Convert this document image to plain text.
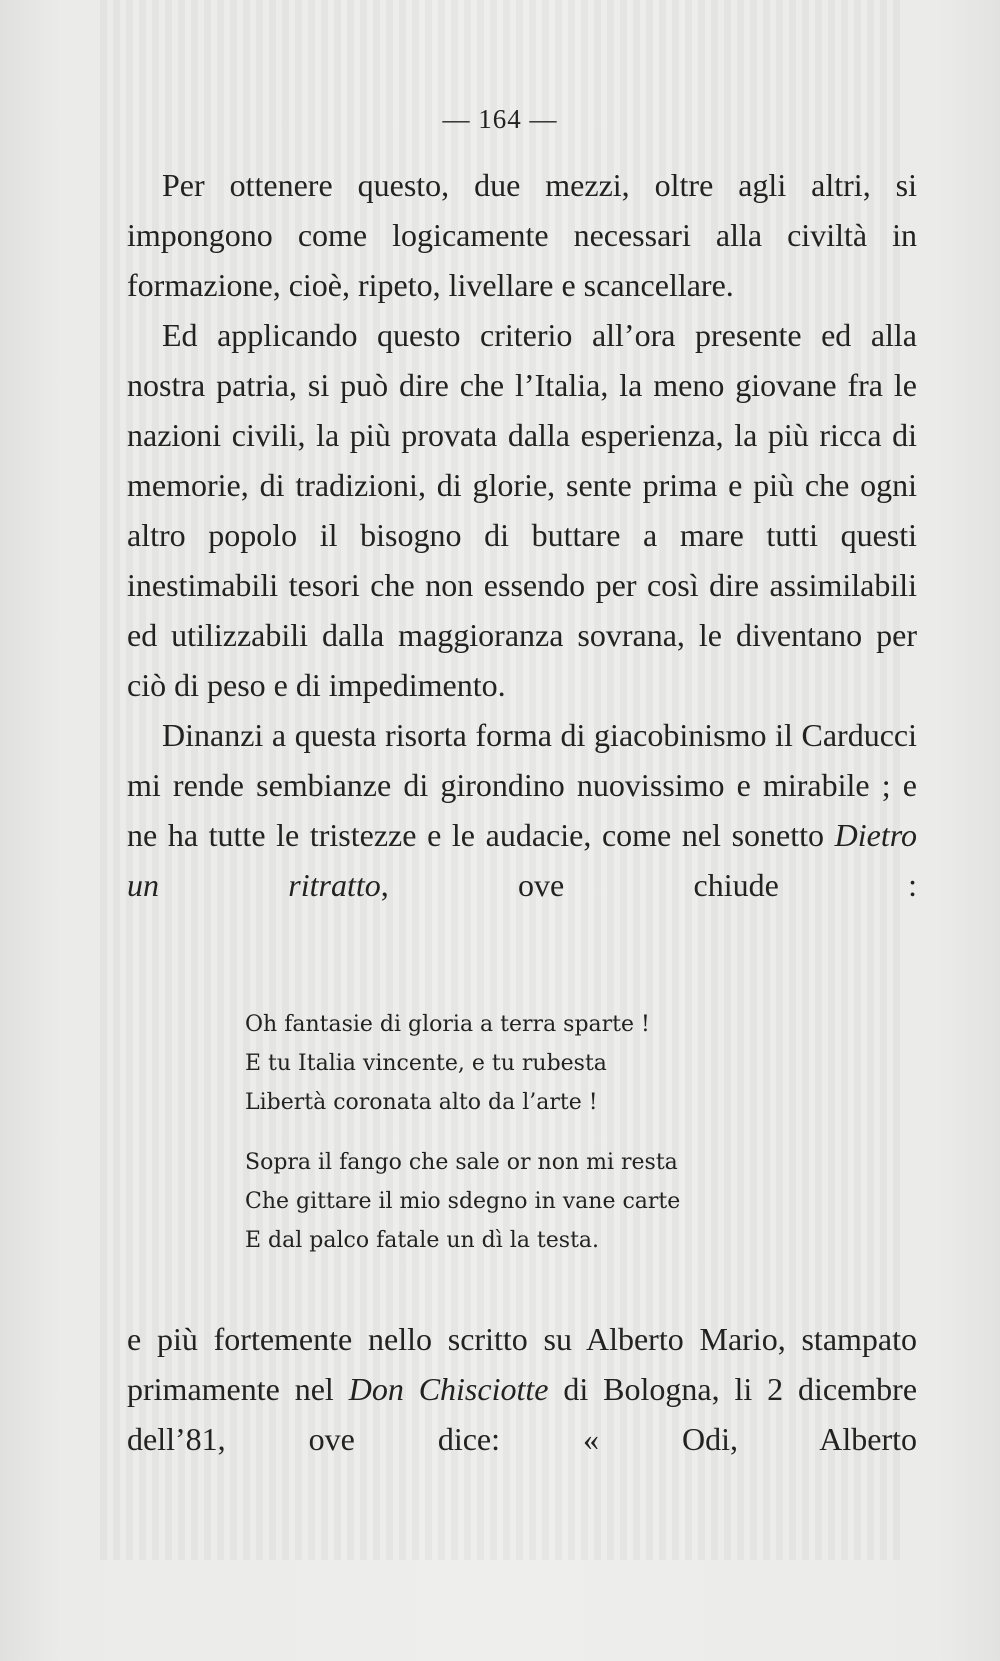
— 164 —

Per ottenere questo, due mezzi, oltre agli altri, si impongono come logicamente necessari alla civiltà in formazione, cioè, ripeto, livellare e scancellare.

Ed applicando questo criterio all’ora presente ed alla nostra patria, si può dire che l’Italia, la meno giovane fra le nazioni civili, la più provata dalla esperienza, la più ricca di memorie, di tradizioni, di glorie, sente prima e più che ogni altro popolo il bisogno di buttare a mare tutti questi inestimabili tesori che non essendo per così dire assimilabili ed utilizzabili dalla maggioranza sovrana, le diventano per ciò di peso e di impedimento.

Dinanzi a questa risorta forma di giacobinismo il Carducci mi rende sembianze di girondino nuovissimo e mirabile ; e ne ha tutte le tristezze e le audacie, come nel sonetto Dietro un ritratto, ove chiude :

Oh fantasie di gloria a terra sparte !
E tu Italia vincente, e tu rubesta
Libertà coronata alto da l’arte !
Sopra il fango che sale or non mi resta
Che gittare il mio sdegno in vane carte
E dal palco fatale un dì la testa.

e più fortemente nello scritto su Alberto Mario, stampato primamente nel Don Chisciotte di Bologna, li 2 dicembre dell’81, ove dice: « Odi, Alberto
